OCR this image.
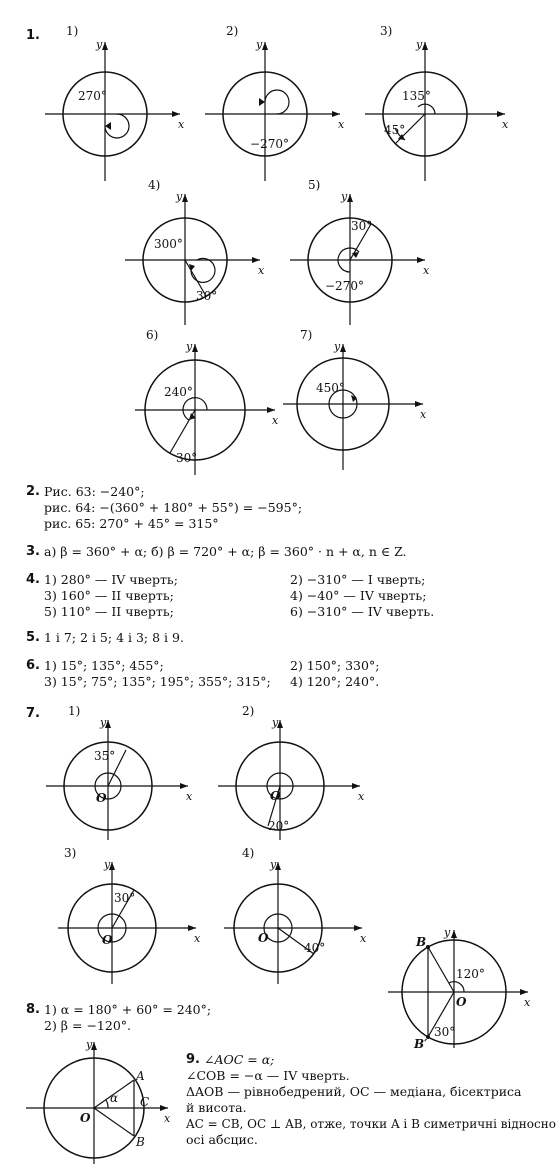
1. 1)
y
x
270°
2)
y
x
−270°
3)
y
x
135°
45°
4)
y
x
300°
30°
5)
y
x
30°
−270°
6)
y
x
240°
30°
7)
y
x
450°
2. Рис. 63: −240°;
рис. 64: −(360° + 180° + 55°) = −595°;
рис. 65: 270° + 45° = 315°
3. а) β = 360° + α; б) β = 720° + α; β = 360° · n + α, n ∈ Z.
4. 1) 280° — IV чверть;
3) 160° — II чверть;
5) 110° — II чверть;
2) −310° — I чверть;
4) −40° — IV чверть;
6) −310° — IV чверть.
5. 1 і 7; 2 і 5; 4 і 3; 8 і 9.
6. 1) 15°; 135°; 455°;
3) 15°; 75°; 135°; 195°; 355°; 315°;
2) 150°; 330°;
4) 120°; 240°.
7. 1)
y
x
O
35°
2)
y
x
O
20°
3)
y
x
O
30°
4)
y
x
O
40°
8. 1) α = 180° + 60° = 240°;
2) β = −120°.
y
x
B
B′
O
120°
30°
y
x
A
B
C
O
α
9. ∠AOC = α;
∠COB = −α — IV чверть.
ΔAOB — рівнобедрений, OC — медіана, бісектриса
й висота.
AC = CB, OC ⊥ AB, отже, точки A і B симетричні відносно
осі абсцис.
